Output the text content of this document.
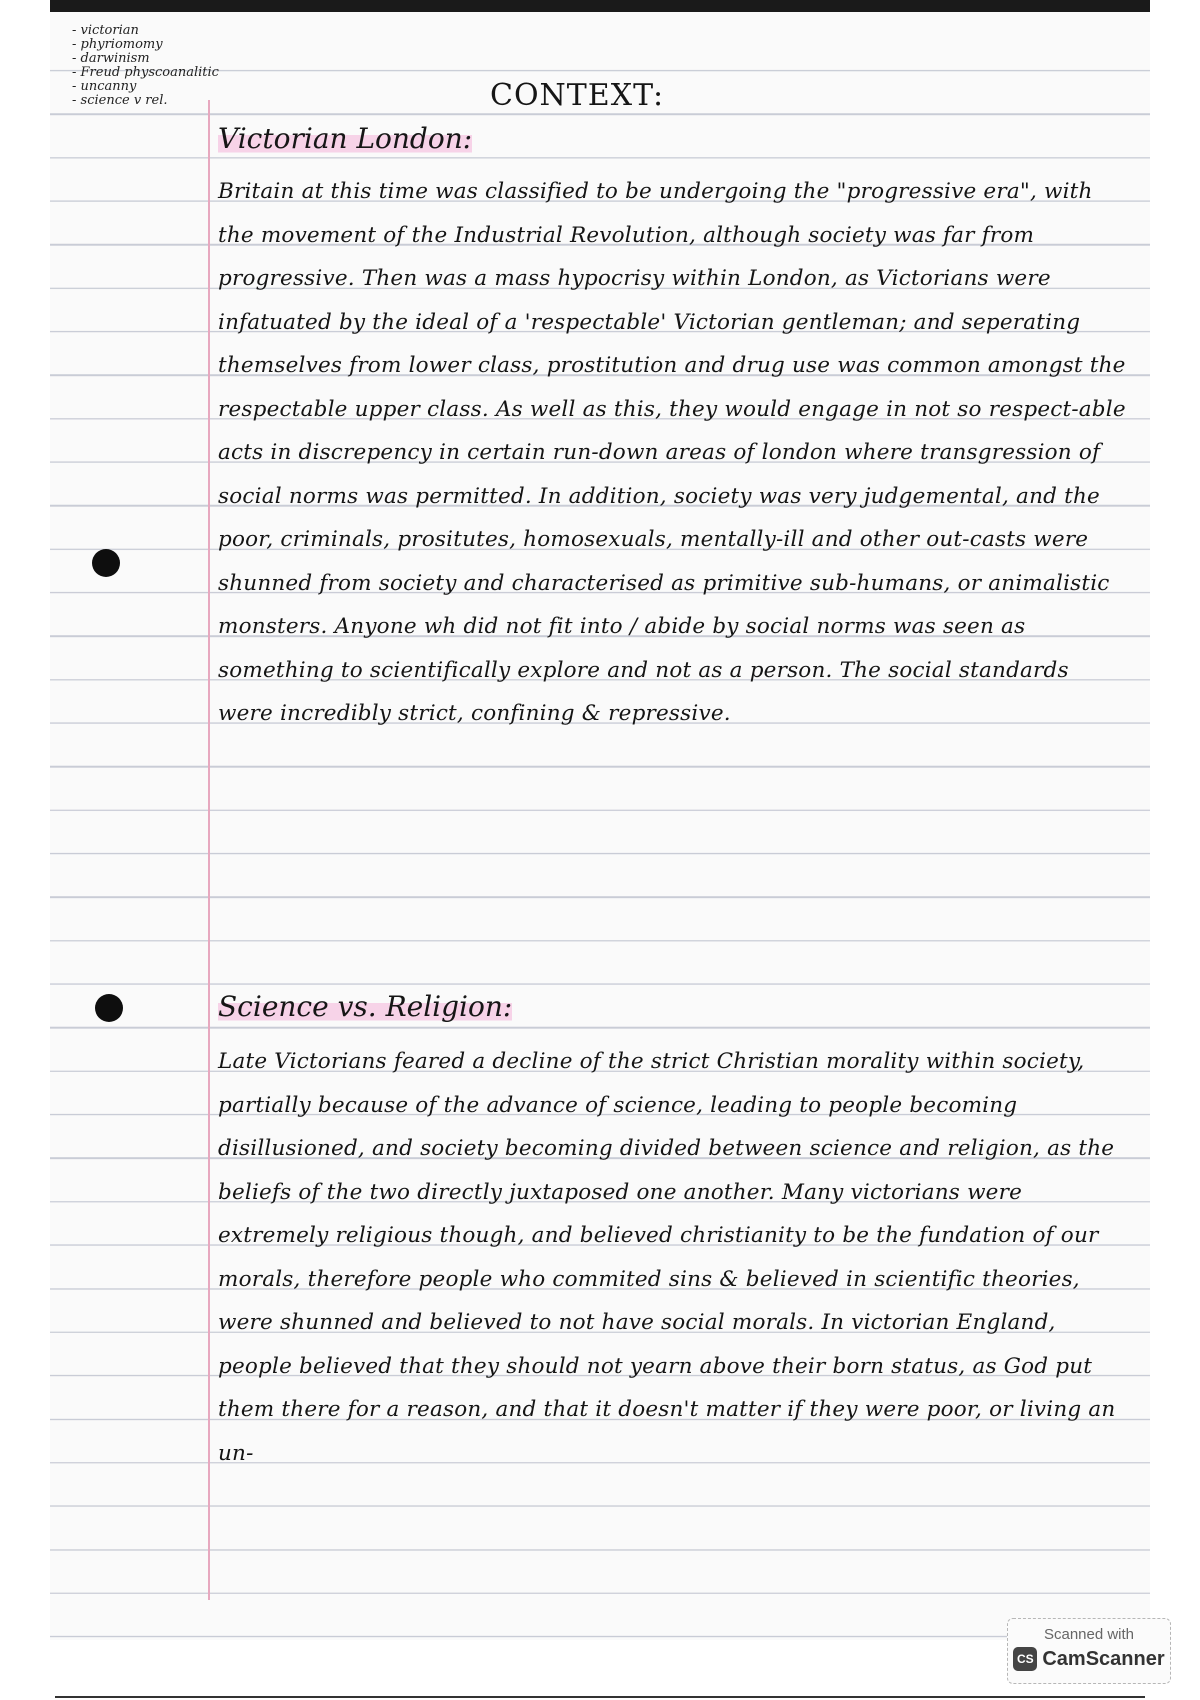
- victorian
- phyriomomy
- darwinism
- Freud physcoanalitic
- uncanny
- science v rel.	CONTEXT:
Victorian London:

Britain at this time was classified to be undergoing the "progressive era", with the movement of the Industrial Revolution, although society was far from progressive. Then was a mass hypocrisy within London, as Victorians were infatuated by the ideal of a 'respectable' Victorian gentleman; and seperating themselves from lower class, prostitution and drug use was common amongst the respectable upper class. As well as this, they would engage in not so respect-able acts in discrepency in certain run-down areas of london where transgression of social norms was permitted. In addition, society was very judgemental, and the poor, criminals, prositutes, homosexuals, mentally-ill and other out-casts were shunned from society and characterised as primitive sub-humans, or animalistic monsters. Anyone wh did not fit into / abide by social norms was seen as something to scientifically explore and not as a person. The social standards were incredibly strict, confining & repressive.

Science vs. Religion:

Late Victorians feared a decline of the strict Christian morality within society, partially because of the advance of science, leading to people becoming disillusioned, and society becoming divided between science and religion, as the beliefs of the two directly juxtaposed one another. Many victorians were extremely religious though, and believed christianity to be the fundation of our morals, therefore people who commited sins & believed in scientific theories, were shunned and believed to not have social morals. In victorian England, people believed that they should not yearn above their born status, as God put them there for a reason, and that it doesn't matter if they were poor, or living an un-

Scanned with
CS CamScanner
